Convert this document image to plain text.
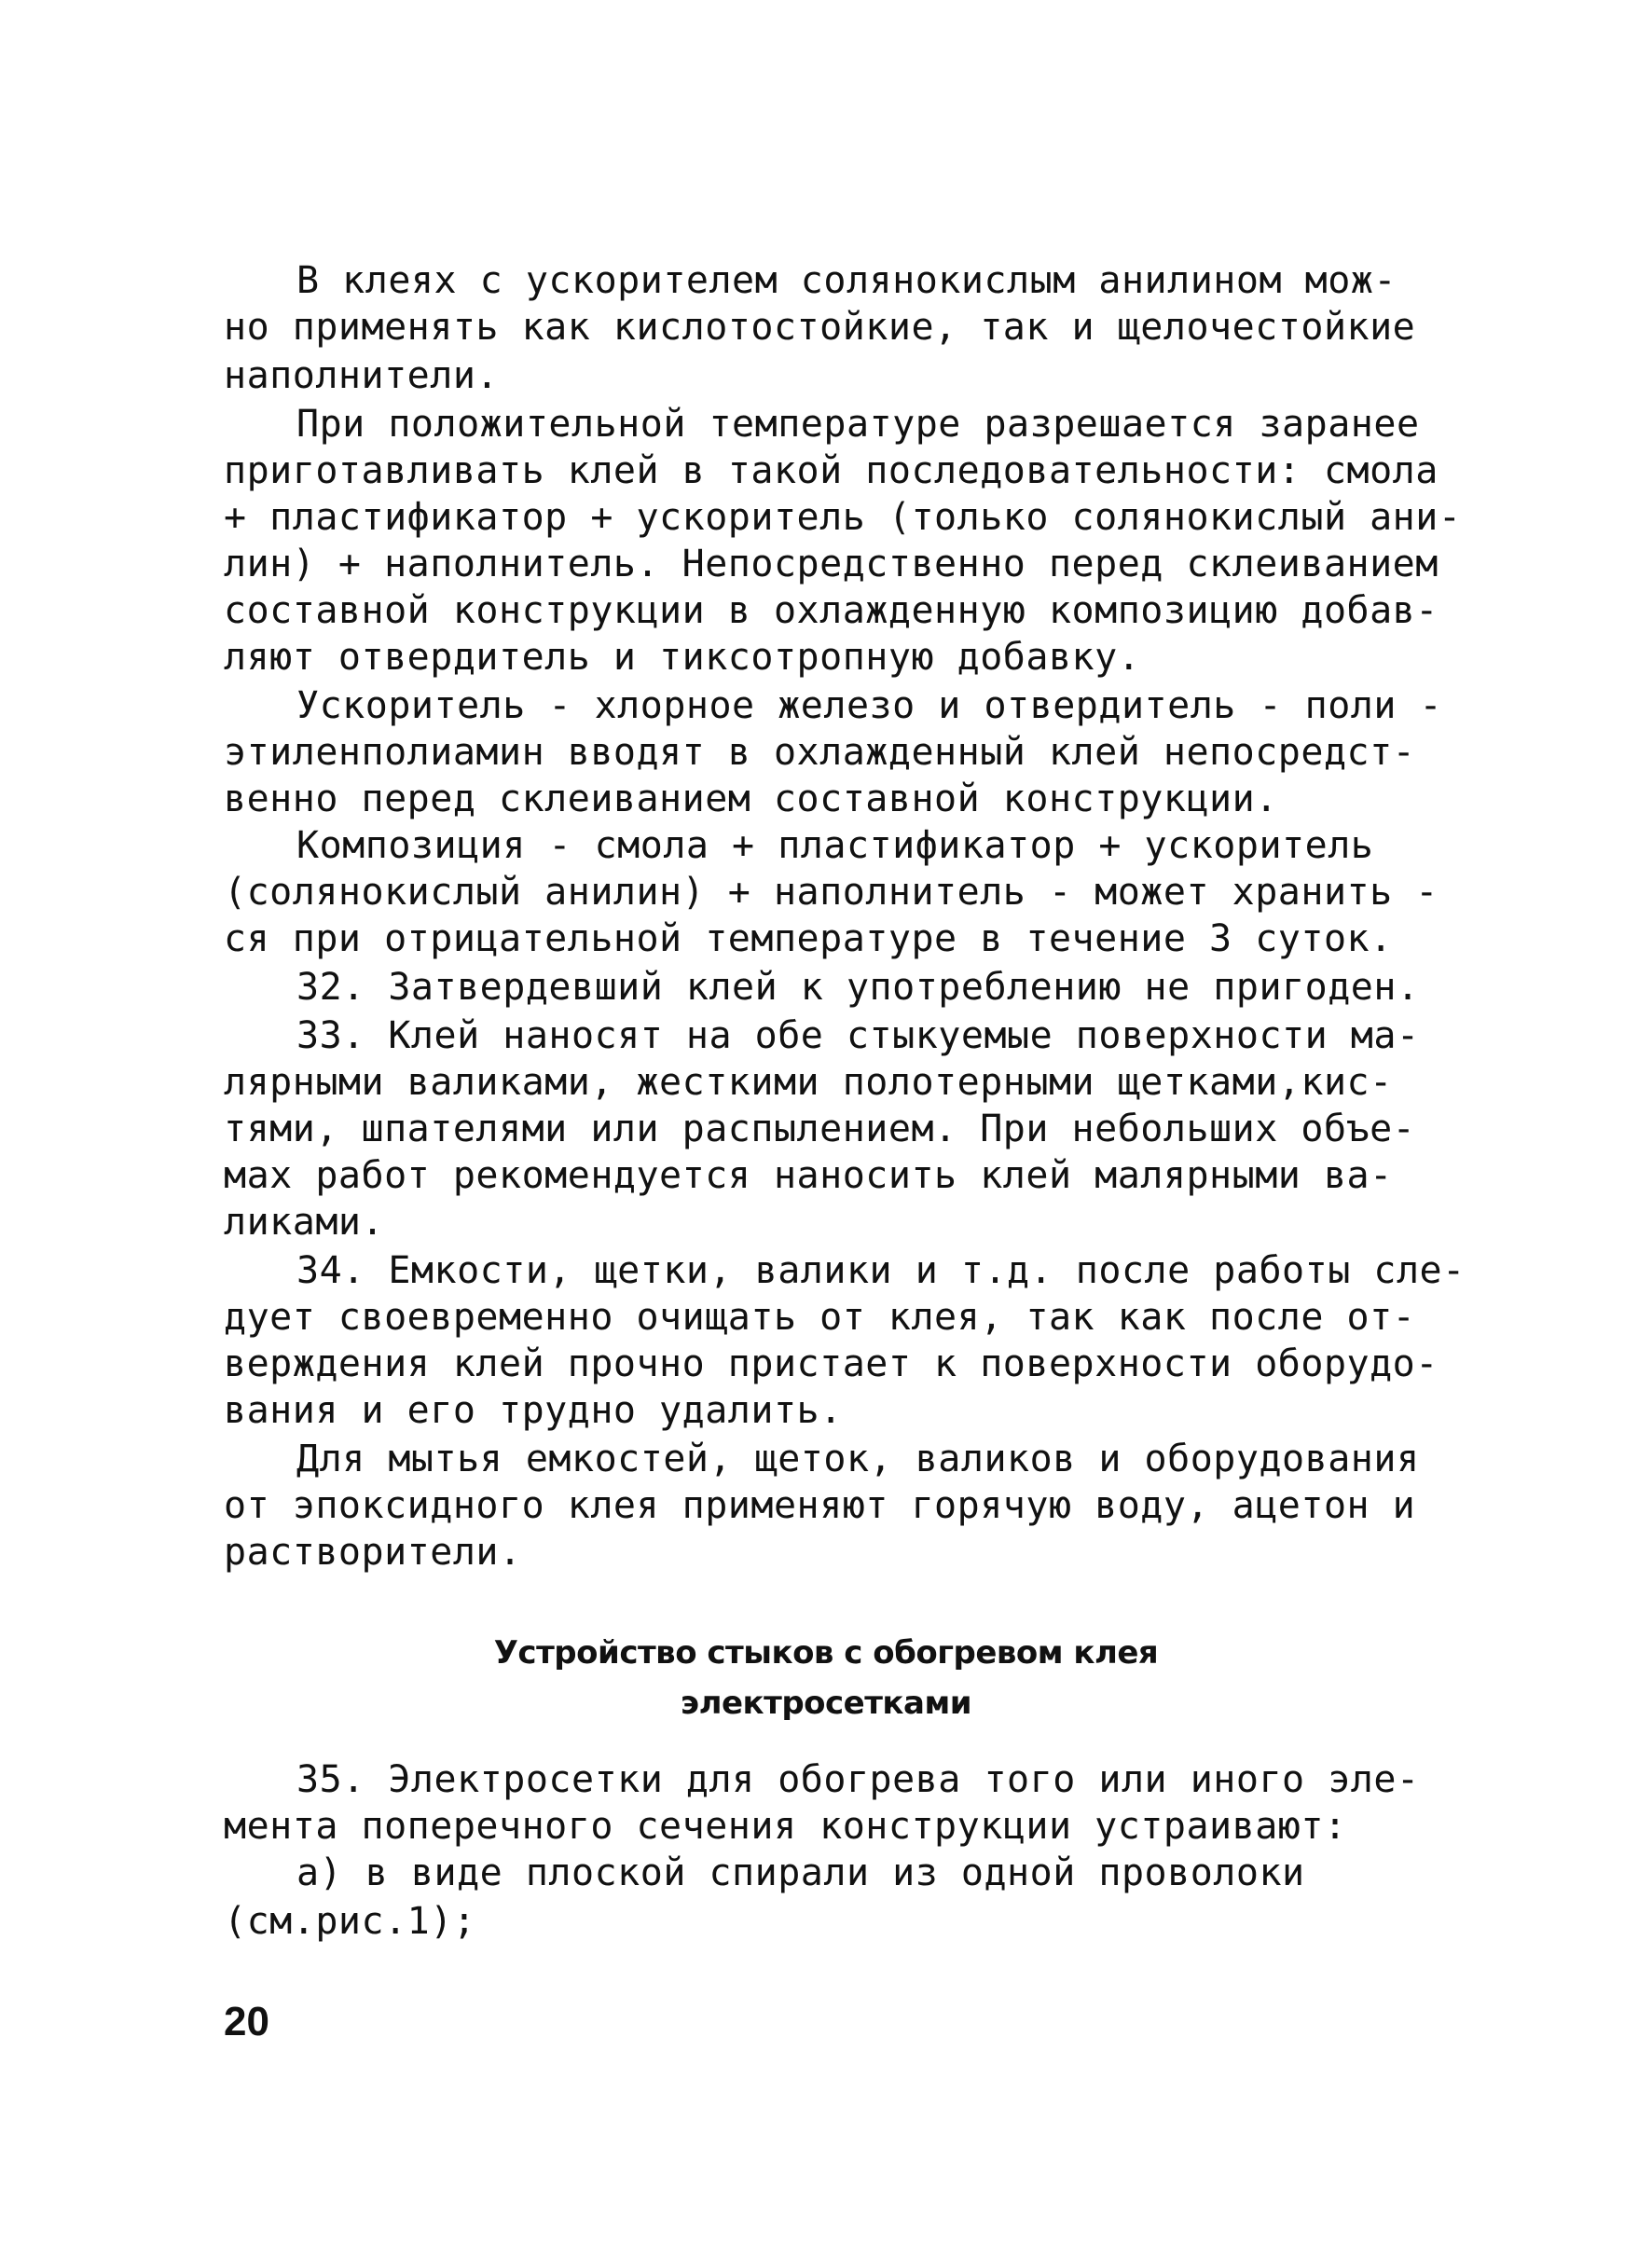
В клеях с ускорителем солянокислым анилином мож-
но применять как кислотостойкие, так и щелочестойкие
наполнители.
При положительной температуре разрешается заранее
приготавливать клей в такой последовательности: смола
+ пластификатор + ускоритель (только солянокислый ани-
лин) + наполнитель. Непосредственно перед склеиванием
составной конструкции в охлажденную композицию добав-
ляют отвердитель и тиксотропную добавку.
Ускоритель - хлорное железо и отвердитель - поли -
этиленполиамин вводят в охлажденный клей непосредст-
венно перед склеиванием составной конструкции.
Композиция - смола + пластификатор + ускоритель
(солянокислый анилин) + наполнитель - может хранить -
ся при отрицательной температуре в течение 3 суток.
32. Затвердевший клей к употреблению не пригоден.
33. Клей наносят на обе стыкуемые поверхности ма-
лярными валиками, жесткими полотерными щетками,кис-
тями, шпателями или распылением. При небольших объе-
мах работ рекомендуется наносить клей малярными ва-
ликами.
34. Емкости, щетки, валики и т.д. после работы сле-
дует своевременно очищать от клея, так как после от-
верждения клей прочно пристает к поверхности оборудо-
вания и его трудно удалить.
Для мытья емкостей, щеток, валиков и оборудования
от эпоксидного клея применяют горячую воду, ацетон и
растворители.
Устройство стыков с обогревом клея
электросетками
35. Электросетки для обогрева того или иного эле-
мента поперечного сечения конструкции устраивают:
а) в виде плоской спирали из одной проволоки
(см.рис.1);
20
